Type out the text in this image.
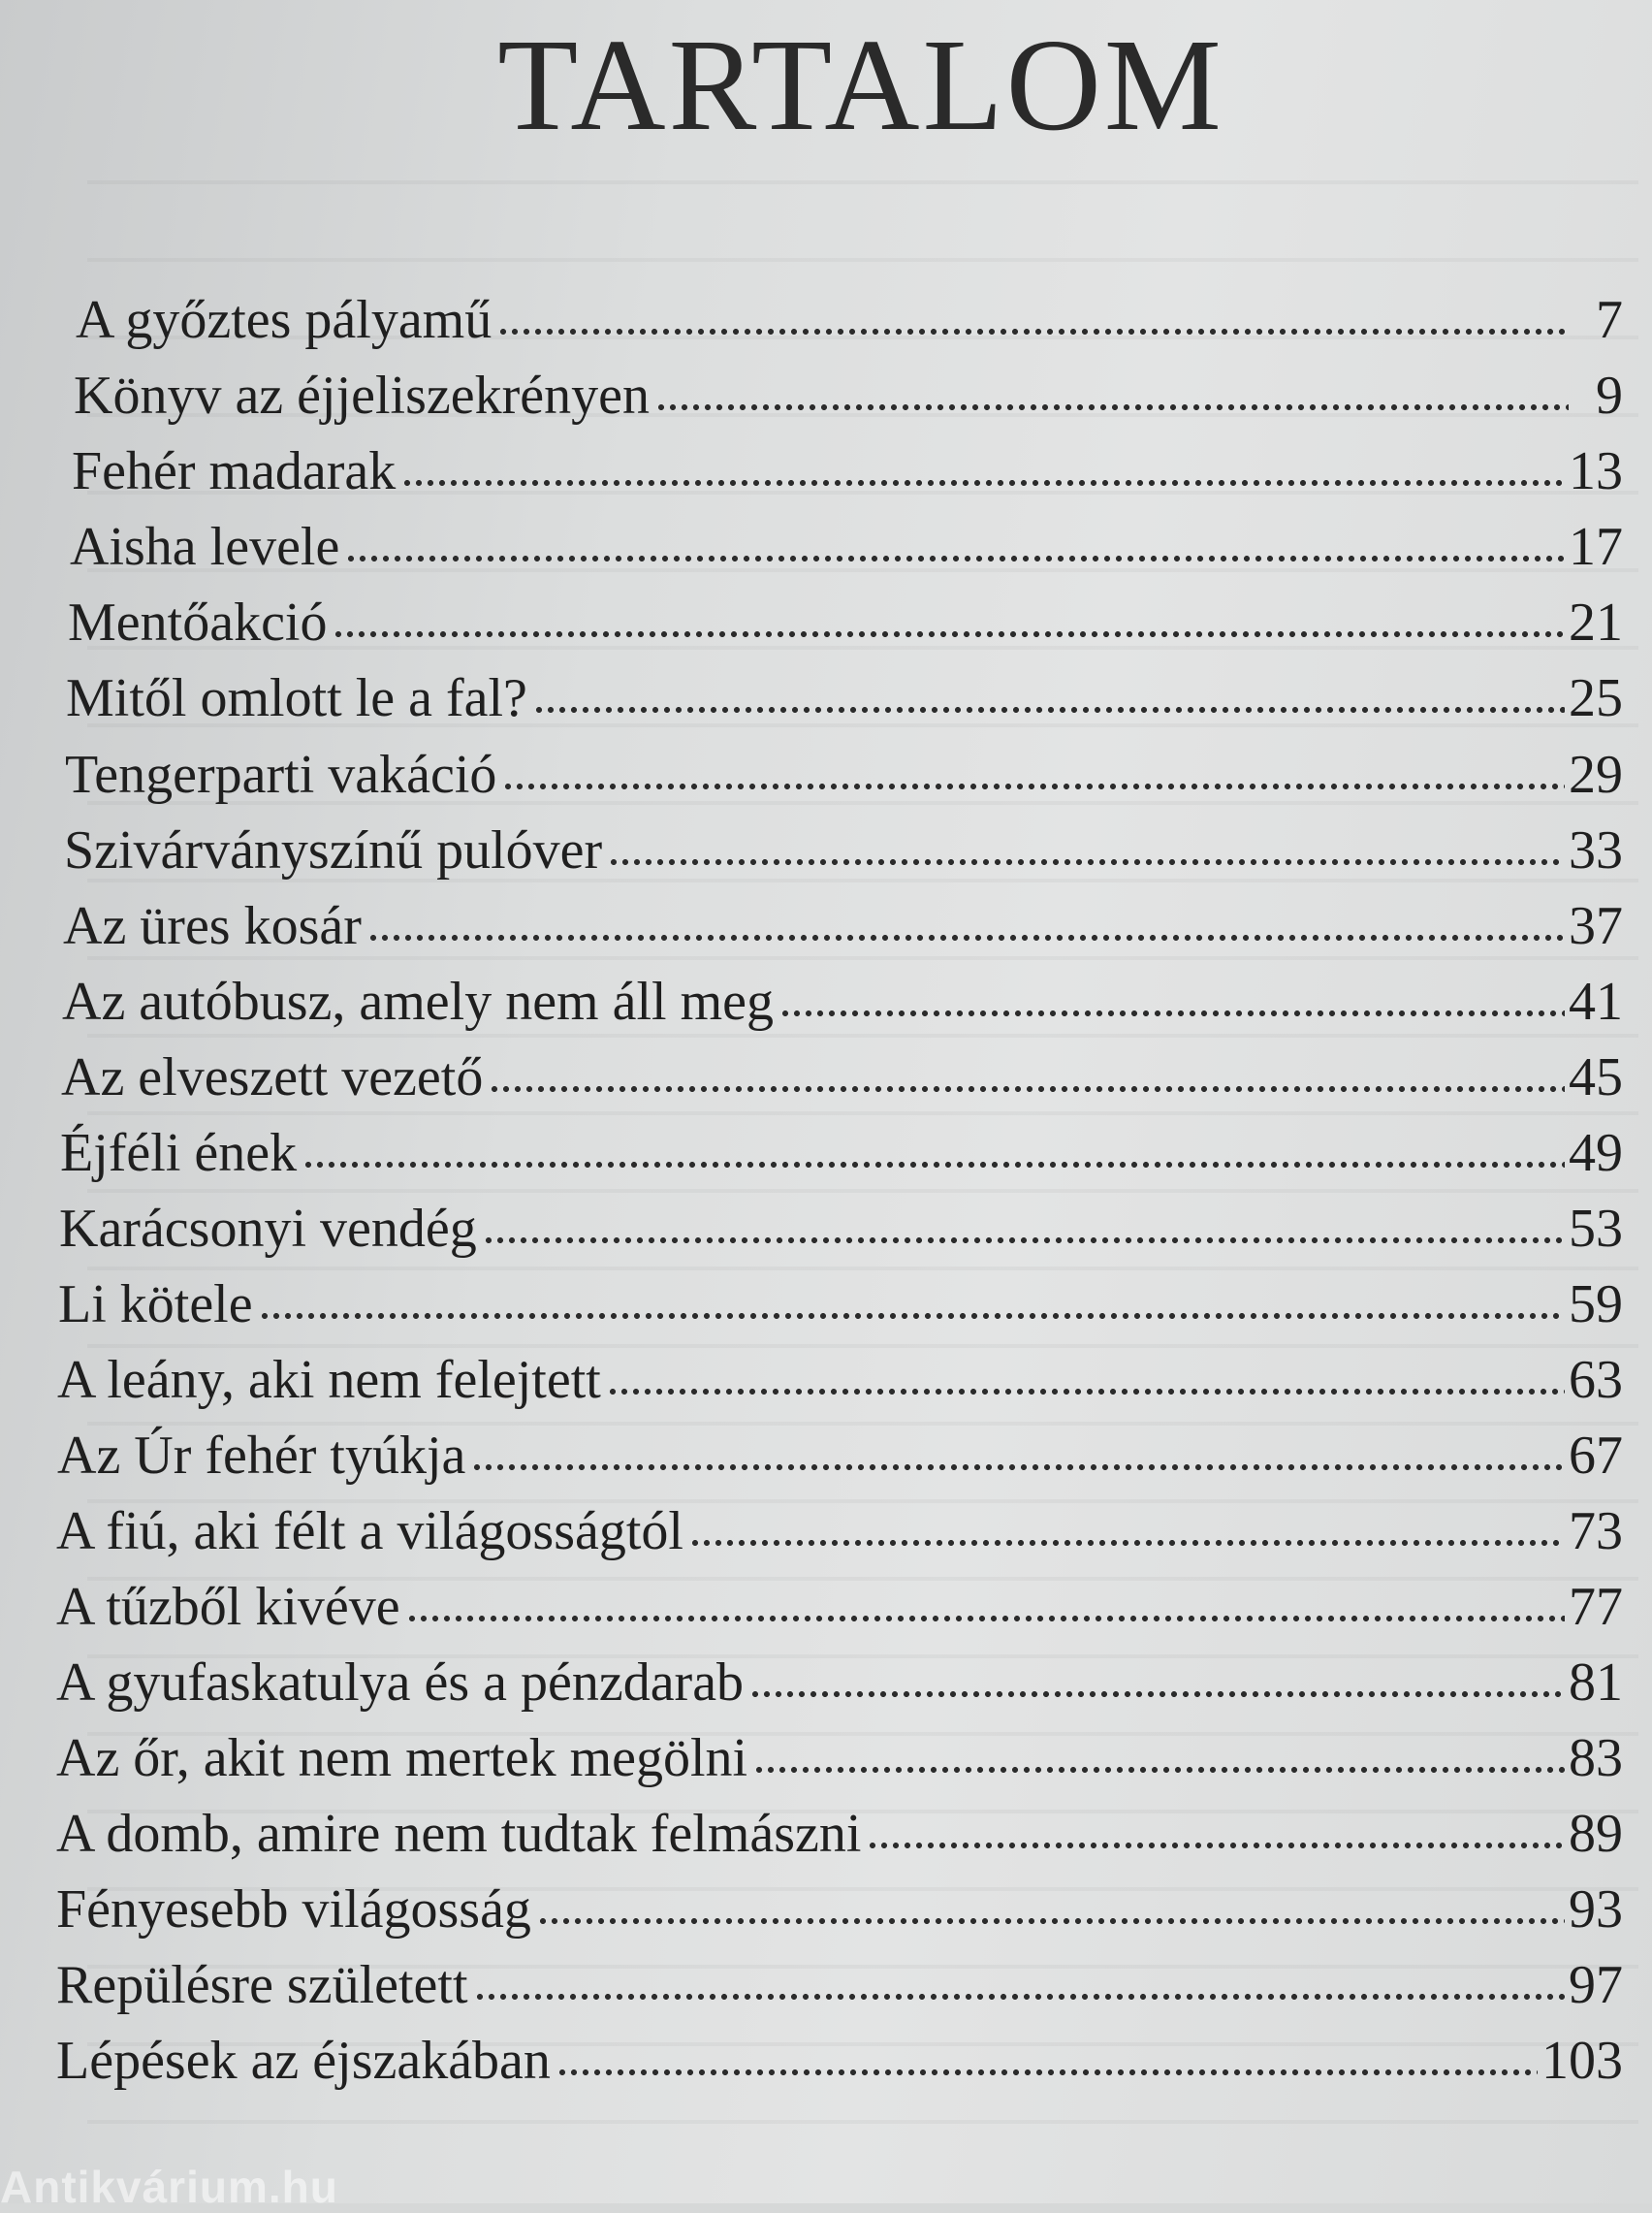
TARTALOM
A győztes pályamű	7
Könyv az éjjeliszekrényen	9
Fehér madarak	13
Aisha levele	17
Mentőakció	21
Mitől omlott le a fal?	25
Tengerparti vakáció	29
Szivárványszínű pulóver	33
Az üres kosár	37
Az autóbusz, amely nem áll meg	41
Az elveszett vezető	45
Éjféli ének	49
Karácsonyi vendég	53
Li kötele	59
A leány, aki nem felejtett	63
Az Úr fehér tyúkja	67
A fiú, aki félt a világosságtól	73
A tűzből kivéve	77
A gyufaskatulya és a pénzdarab	81
Az őr, akit nem mertek megölni	83
A domb, amire nem tudtak felmászni	89
Fényesebb világosság	93
Repülésre született	97
Lépések az éjszakában	103
Antikvárium.hu
